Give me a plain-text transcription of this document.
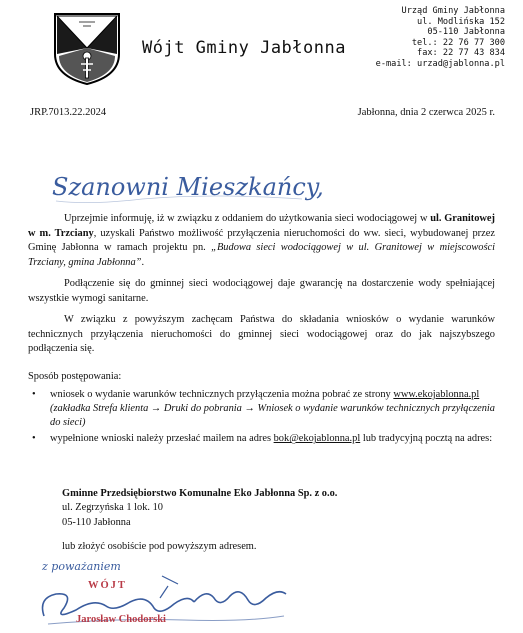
Wójt Gminy Jabłonna
Urząd Gminy Jabłonna
ul. Modlińska 152
05-110 Jabłonna
tel.: 22 76 77 300
fax: 22 77 43 834
e-mail: urzad@jablonna.pl
JRP.7013.22.2024	Jabłonna, dnia 2 czerwca 2025 r.
Szanowni Mieszkańcy,
Uprzejmie informuję, iż w związku z oddaniem do użytkowania sieci wodociągowej w ul. Granitowej w m. Trzciany, uzyskali Państwo możliwość przyłączenia nieruchomości do ww. sieci, wybudowanej przez Gminę Jabłonna w ramach projektu pn. „Budowa sieci wodociągowej w ul. Granitowej w miejscowości Trzciany, gmina Jabłonna”.
Podłączenie się do gminnej sieci wodociągowej daje gwarancję na dostarczenie wody spełniającej wszystkie wymogi sanitarne.
W związku z powyższym zachęcam Państwa do składania wniosków o wydanie warunków technicznych przyłączenia nieruchomości do gminnej sieci wodociągowej oraz do jak najszybszego podłączenia się.
Sposób postępowania:
• wniosek o wydanie warunków technicznych przyłączenia można pobrać ze strony www.ekojablonna.pl
(zakładka Strefa klienta → Druki do pobrania → Wniosek o wydanie warunków technicznych przyłączenia do sieci)
• wypełnione wnioski należy przesłać mailem na adres bok@ekojablonna.pl lub tradycyjną pocztą na adres:
Gminne Przedsiębiorstwo Komunalne Eko Jabłonna Sp. z o.o.
ul. Zegrzyńska 1 lok. 10
05-110 Jabłonna
lub złożyć osobiście pod powyższym adresem.
z poważaniem
WÓJT
Jarosław Chodorski
